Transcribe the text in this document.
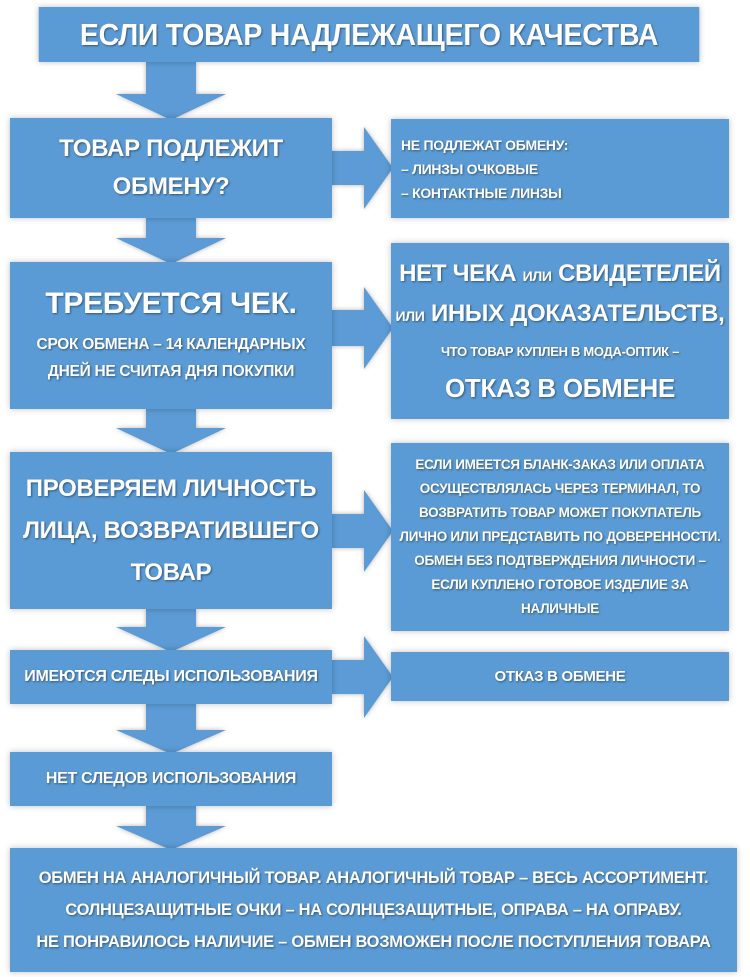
ЕСЛИ ТОВАР НАДЛЕЖАЩЕГО КАЧЕСТВА
ТОВАР ПОДЛЕЖИТ
ОБМЕНУ?
НЕ ПОДЛЕЖАТ ОБМЕНУ:
– ЛИНЗЫ ОЧКОВЫЕ
– КОНТАКТНЫЕ ЛИНЗЫ
ТРЕБУЕТСЯ ЧЕК.
СРОК ОБМЕНА – 14 КАЛЕНДАРНЫХ
ДНЕЙ НЕ СЧИТАЯ ДНЯ ПОКУПКИ
НЕТ ЧЕКА ИЛИ СВИДЕТЕЛЕЙ
ИЛИ ИНЫХ ДОКАЗАТЕЛЬСТВ,
ЧТО ТОВАР КУПЛЕН В МОДА-ОПТИК –
ОТКАЗ В ОБМЕНЕ
ПРОВЕРЯЕМ ЛИЧНОСТЬ
ЛИЦА, ВОЗВРАТИВШЕГО
ТОВАР
ЕСЛИ ИМЕЕТСЯ БЛАНК-ЗАКАЗ ИЛИ ОПЛАТА
ОСУЩЕСТВЛЯЛАСЬ ЧЕРЕЗ ТЕРМИНАЛ, ТО
ВОЗВРАТИТЬ ТОВАР МОЖЕТ ПОКУПАТЕЛЬ
ЛИЧНО ИЛИ ПРЕДСТАВИТЬ ПО ДОВЕРЕННОСТИ.
ОБМЕН БЕЗ ПОДТВЕРЖДЕНИЯ ЛИЧНОСТИ –
ЕСЛИ КУПЛЕНО ГОТОВОЕ ИЗДЕЛИЕ ЗА
НАЛИЧНЫЕ
ИМЕЮТСЯ СЛЕДЫ ИСПОЛЬЗОВАНИЯ	ОТКАЗ В ОБМЕНЕ
НЕТ СЛЕДОВ ИСПОЛЬЗОВАНИЯ
ОБМЕН НА АНАЛОГИЧНЫЙ ТОВАР. АНАЛОГИЧНЫЙ ТОВАР – ВЕСЬ АССОРТИМЕНТ.
СОЛНЦЕЗАЩИТНЫЕ ОЧКИ – НА СОЛНЦЕЗАЩИТНЫЕ, ОПРАВА – НА ОПРАВУ.
НЕ ПОНРАВИЛОСЬ НАЛИЧИЕ – ОБМЕН ВОЗМОЖЕН ПОСЛЕ ПОСТУПЛЕНИЯ ТОВАРА
